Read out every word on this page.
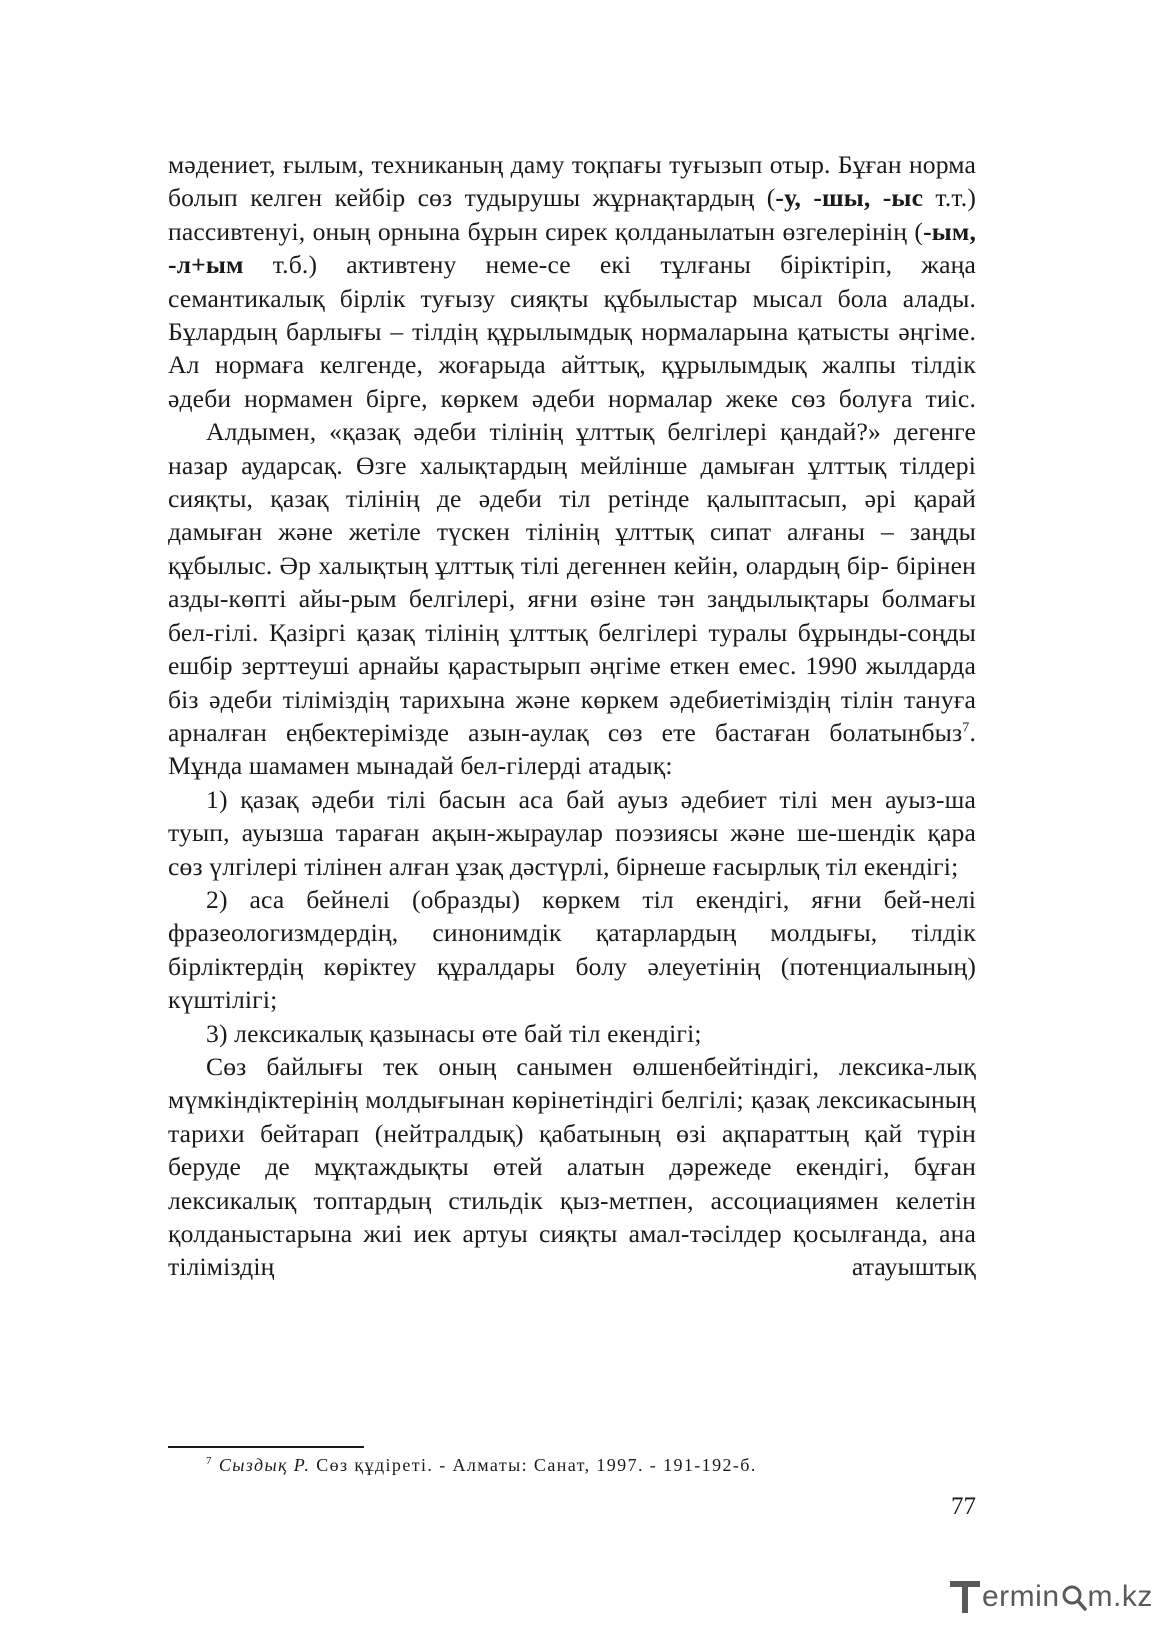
мәдениет, ғылым, техниканың даму тоқпағы туғызып отыр. Бұған норма болып келген кейбір сөз тудырушы жұрнақтардың (-у, -шы, -ыс т.т.) пассивтенуі, оның орнына бұрын сирек қолданылатын өзгелерінің (-ым, -л+ым т.б.) активтену неме-се екі тұлғаны біріктіріп, жаңа семантикалық бірлік туғызу сияқты құбылыстар мысал бола алады. Бұлардың барлығы – тілдің құрылымдық нормаларына қатысты әңгіме. Ал нормаға келгенде, жоғарыда айттық, құрылымдық жалпы тілдік әдеби нормамен бірге, көркем әдеби нормалар жеке сөз болуға тиіс.

Алдымен, «қазақ әдеби тілінің ұлттық белгілері қандай?» дегенге назар аударсақ. Өзге халықтардың мейлінше дамыған ұлттық тілдері сияқты, қазақ тілінің де әдеби тіл ретінде қалыптасып, әрі қарай дамыған және жетіле түскен тілінің ұлттық сипат алғаны – заңды құбылыс. Әр халықтың ұлттық тілі дегеннен кейін, олардың бір- бірінен азды-көпті айы-рым белгілері, яғни өзіне тән заңдылықтары болмағы бел-гілі. Қазіргі қазақ тілінің ұлттық белгілері туралы бұрынды-соңды ешбір зерттеуші арнайы қарастырып әңгіме еткен емес. 1990 жылдарда біз әдеби тіліміздің тарихына және көркем әдебиетіміздің тілін тануға арналған еңбектерімізде азын-аулақ сөз ете бастаған болатынбыз$^7$. Мұнда шамамен мынадай бел-гілерді атадық:

1) қазақ әдеби тілі басын аса бай ауыз әдебиет тілі мен ауыз-ша туып, ауызша тараған ақын-жыраулар поэзиясы және ше-шендік қара сөз үлгілері тілінен алған ұзақ дәстүрлі, бірнеше ғасырлық тіл екендігі;

2) аса бейнелі (образды) көркем тіл екендігі, яғни бей-нелі фразеологизмдердің, синонимдік қатарлардың молдығы, тілдік бірліктердің көріктеу құралдары болу әлеуетінің (потенциалының) күштілігі;

3) лексикалық қазынасы өте бай тіл екендігі;

Сөз байлығы тек оның санымен өлшенбейтіндігі, лексика-лық мүмкіндіктерінің молдығынан көрінетіндігі белгілі; қазақ лексикасының тарихи бейтарап (нейтралдық) қабатының өзі ақпараттың қай түрін беруде де мұқтаждықты өтей алатын дәрежеде екендігі, бұған лексикалық топтардың стильдік қыз-метпен, ассоциациямен келетін қолданыстарына жиі иек артуы сияқты амал-тәсілдер қосылғанда, ана тіліміздің атауыштық

$^7$ Сыздық Р. Сөз құдіреті. - Алматы: Санат, 1997. - 191-192-б.
77
ermin m.kz
